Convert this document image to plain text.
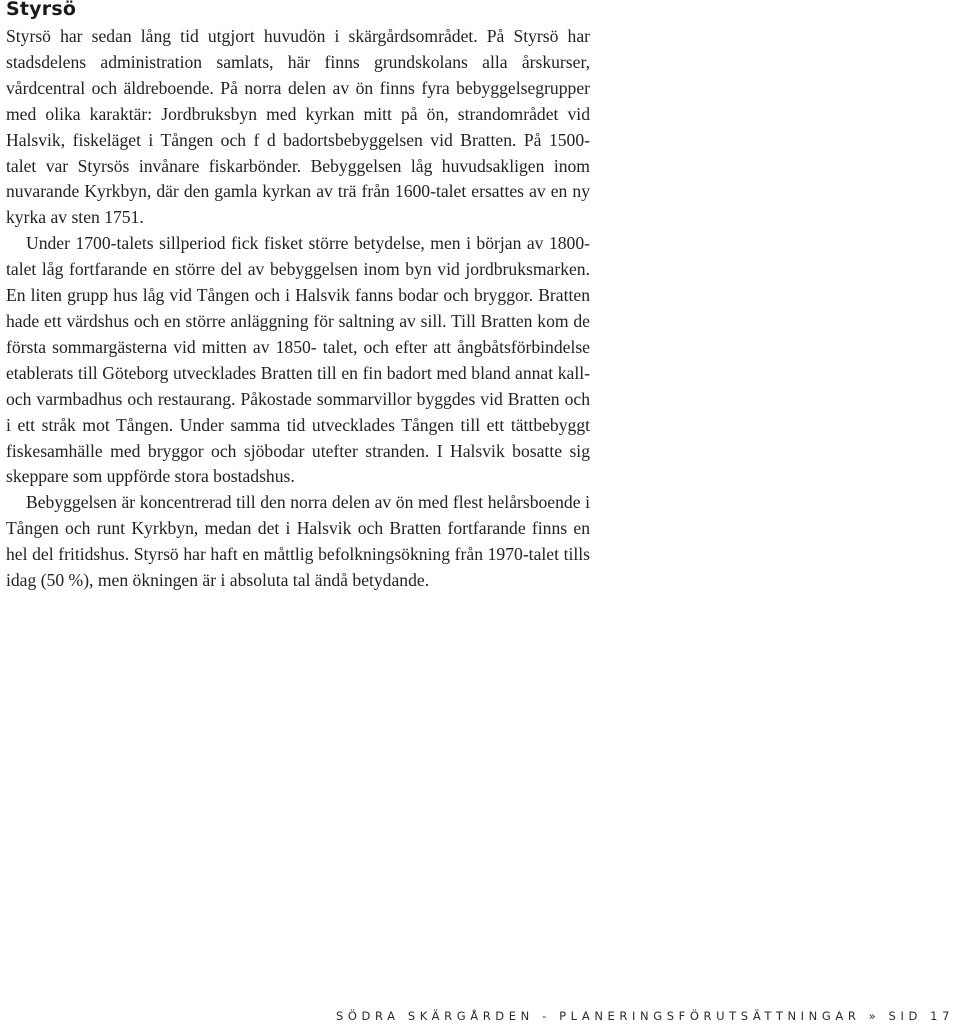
Styrsö

Styrsö har sedan lång tid utgjort huvudön i skärgårdsområdet. På Styrsö har stadsdelens administration samlats, här finns grundskolans alla årskurser, vårdcentral och äldreboende. På norra delen av ön finns fyra bebyggelsegrupper med olika karaktär: Jordbruksbyn med kyrkan mitt på ön, strandområdet vid Halsvik, fiskeläget i Tången och f d badortsbebyggelsen vid Bratten. På 1500- talet var Styrsös invånare fiskarbönder. Bebyggelsen låg huvudsakligen inom nuvarande Kyrkbyn, där den gamla kyrkan av trä från 1600-talet ersattes av en ny kyrka av sten 1751.

Under 1700-talets sillperiod fick fisket större betydelse, men i början av 1800-talet låg fortfarande en större del av bebyggelsen inom byn vid jordbruksmarken. En liten grupp hus låg vid Tången och i Halsvik fanns bodar och bryggor. Bratten hade ett värdshus och en större anläggning för saltning av sill. Till Bratten kom de första sommargästerna vid mitten av 1850- talet, och efter att ångbåtsförbindelse etablerats till Göteborg utvecklades Bratten till en fin badort med bland annat kall- och varmbadhus och restaurang. Påkostade sommarvillor byggdes vid Bratten och i ett stråk mot Tången. Under samma tid utvecklades Tången till ett tättbebyggt fiskesamhälle med bryggor och sjöbodar utefter stranden. I Halsvik bosatte sig skeppare som uppförde stora bostadshus.

Bebyggelsen är koncentrerad till den norra delen av ön med flest helårsboende i Tången och runt Kyrkbyn, medan det i Halsvik och Bratten fortfarande finns en hel del fritidshus. Styrsö har haft en måttlig befolkningsökning från 1970-talet tills idag (50 %), men ökningen är i absoluta tal ändå betydande.

SÖDRA SKÄRGÅRDEN - PLANERINGSFÖRUTSÄTTNINGAR » SID 17
